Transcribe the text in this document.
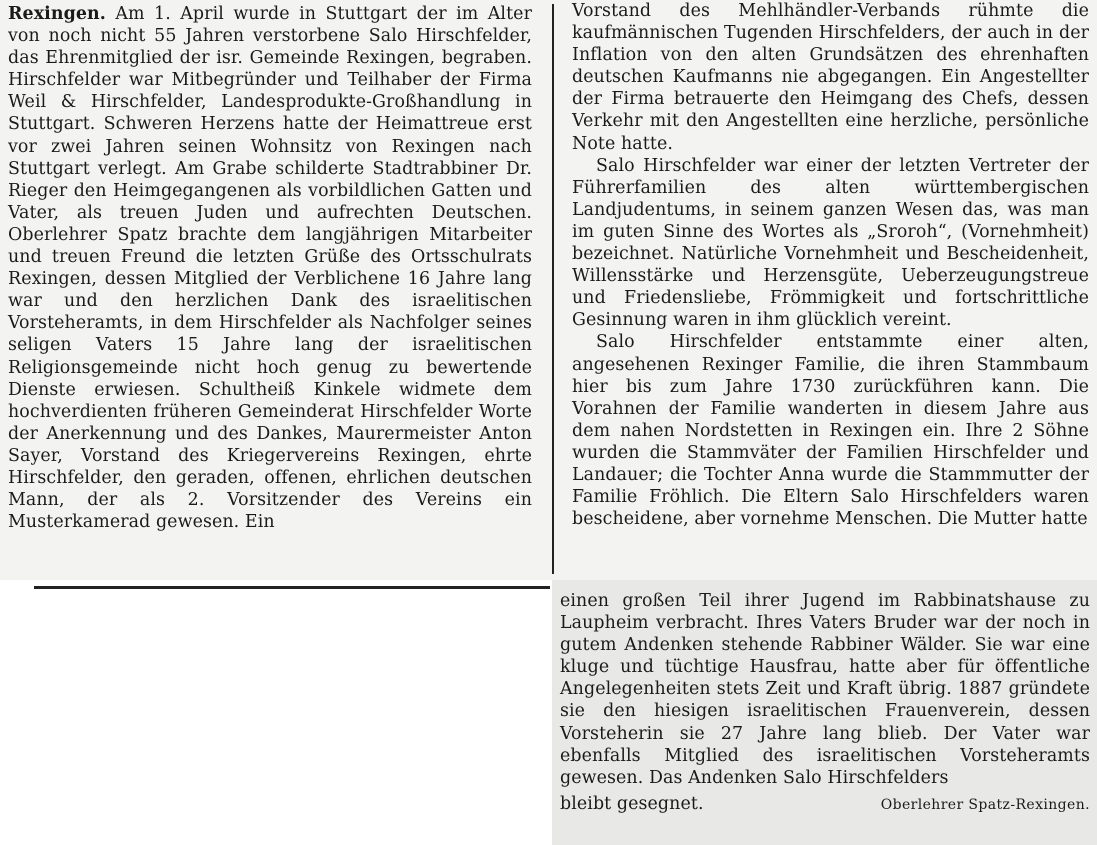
Rexingen. Am 1. April wurde in Stuttgart der im Alter von noch nicht 55 Jahren verstorbene Salo Hirschfelder, das Ehrenmitglied der isr. Gemeinde Rexingen, begraben. Hirschfelder war Mitbegründer und Teilhaber der Firma Weil & Hirschfelder, Landesprodukte-Großhandlung in Stuttgart. Schweren Herzens hatte der Heimattreue erst vor zwei Jahren seinen Wohnsitz von Rexingen nach Stuttgart verlegt. Am Grabe schilderte Stadtrabbiner Dr. Rieger den Heimgegangenen als vorbildlichen Gatten und Vater, als treuen Juden und aufrechten Deutschen. Oberlehrer Spatz brachte dem langjährigen Mitarbeiter und treuen Freund die letzten Grüße des Ortsschulrats Rexingen, dessen Mitglied der Verblichene 16 Jahre lang war und den herzlichen Dank des israelitischen Vorsteheramts, in dem Hirschfelder als Nachfolger seines seligen Vaters 15 Jahre lang der israelitischen Religionsgemeinde nicht hoch genug zu bewertende Dienste erwiesen. Schultheiß Kinkele widmete dem hochverdienten früheren Gemeinderat Hirschfelder Worte der Anerkennung und des Dankes, Maurermeister Anton Sayer, Vorstand des Kriegervereins Rexingen, ehrte Hirschfelder, den geraden, offenen, ehrlichen deutschen Mann, der als 2. Vorsitzender des Vereins ein Musterkamerad gewesen. Ein

Vorstand des Mehlhändler-Verbands rühmte die kaufmännischen Tugenden Hirschfelders, der auch in der Inflation von den alten Grundsätzen des ehrenhaften deutschen Kaufmanns nie abgegangen. Ein Angestellter der Firma betrauerte den Heimgang des Chefs, dessen Verkehr mit den Angestellten eine herzliche, persönliche Note hatte.

Salo Hirschfelder war einer der letzten Vertreter der Führerfamilien des alten württembergischen Landjudentums, in seinem ganzen Wesen das, was man im guten Sinne des Wortes als „Sroroh“, (Vornehmheit) bezeichnet. Natürliche Vornehmheit und Bescheidenheit, Willensstärke und Herzensgüte, Ueberzeugungstreue und Friedensliebe, Frömmigkeit und fortschrittliche Gesinnung waren in ihm glücklich vereint.

Salo Hirschfelder entstammte einer alten, angesehenen Rexinger Familie, die ihren Stammbaum hier bis zum Jahre 1730 zurückführen kann. Die Vorahnen der Familie wanderten in diesem Jahre aus dem nahen Nordstetten in Rexingen ein. Ihre 2 Söhne wurden die Stammväter der Familien Hirschfelder und Landauer; die Tochter Anna wurde die Stammmutter der Familie Fröhlich. Die Eltern Salo Hirschfelders waren bescheidene, aber vornehme Menschen. Die Mutter hatte

einen großen Teil ihrer Jugend im Rabbinatshause zu Laupheim verbracht. Ihres Vaters Bruder war der noch in gutem Andenken stehende Rabbiner Wälder. Sie war eine kluge und tüchtige Hausfrau, hatte aber für öffentliche Angelegenheiten stets Zeit und Kraft übrig. 1887 gründete sie den hiesigen israelitischen Frauenverein, dessen Vorsteherin sie 27 Jahre lang blieb. Der Vater war ebenfalls Mitglied des israelitischen Vorsteheramts gewesen. Das Andenken Salo Hirschfelders

bleibt gesegnet.	Oberlehrer Spatz-Rexingen.
